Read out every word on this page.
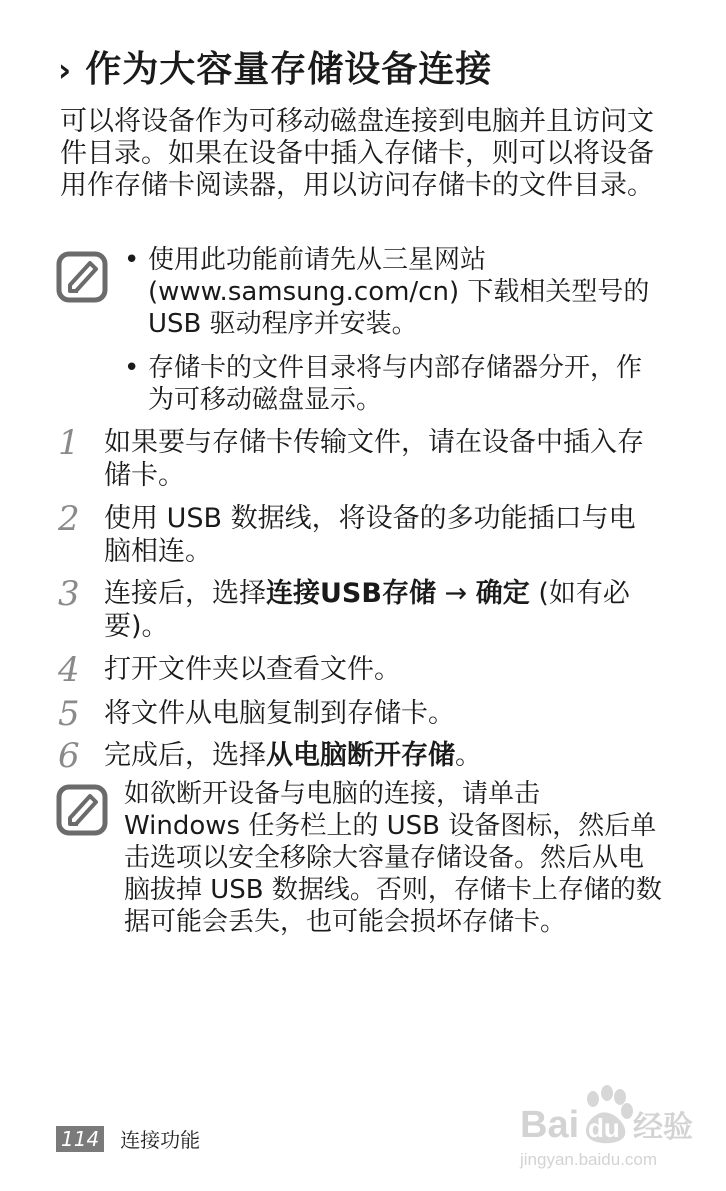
› 作为大容量存储设备连接
可以将设备作为可移动磁盘连接到电脑并且访问文件目录。如果在设备中插入存储卡，则可以将设备用作存储卡阅读器，用以访问存储卡的文件目录。
• 使用此功能前请先从三星网站 (www.samsung.com/cn) 下载相关型号的 USB 驱动程序并安装。
• 存储卡的文件目录将与内部存储器分开，作为可移动磁盘显示。
1 如果要与存储卡传输文件，请在设备中插入存储卡。
2 使用 USB 数据线，将设备的多功能插口与电脑相连。
3 连接后，选择连接USB存储 → 确定 (如有必要)。
4 打开文件夹以查看文件。
5 将文件从电脑复制到存储卡。
6 完成后，选择从电脑断开存储。
如欲断开设备与电脑的连接，请单击 Windows 任务栏上的 USB 设备图标，然后单击选项以安全移除大容量存储设备。然后从电脑拔掉 USB 数据线。否则，存储卡上存储的数据可能会丢失，也可能会损坏存储卡。
114 连接功能	Bai du 经验
jingyan.baidu.com
